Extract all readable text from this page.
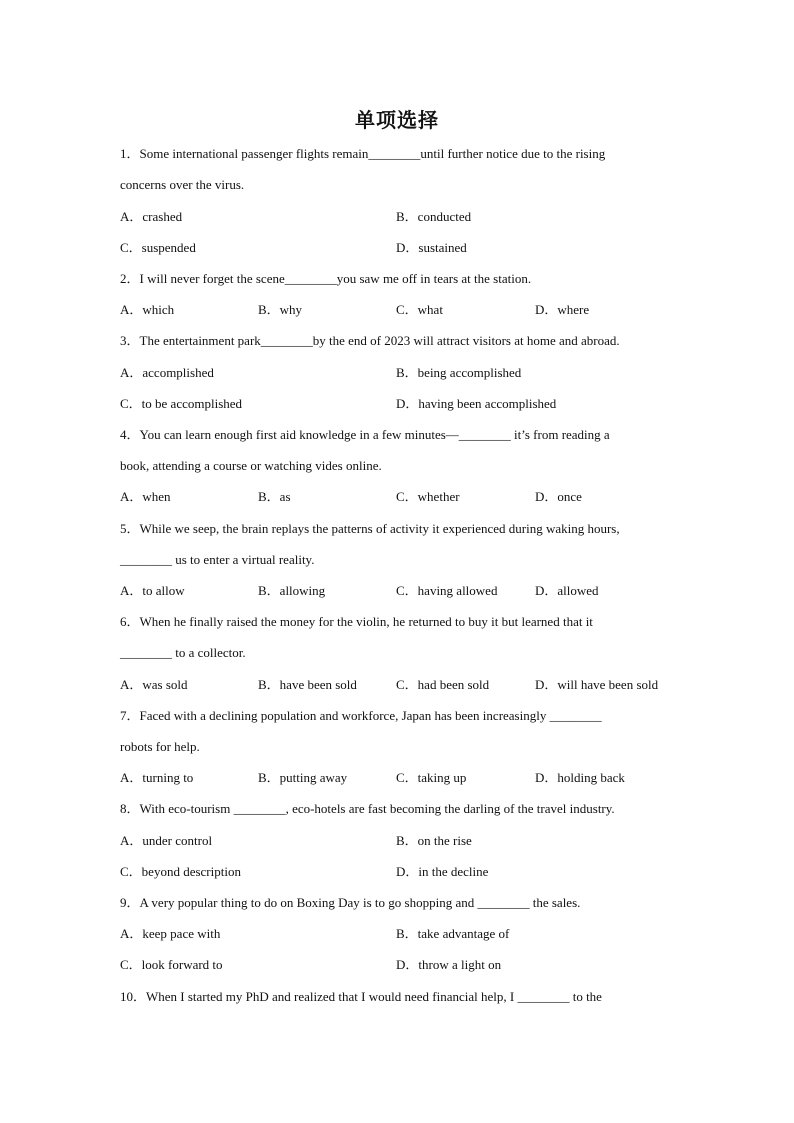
单项选择
1．Some international passenger flights remain________until further notice due to the rising
concerns over the virus.
A．crashed	B．conducted
C．suspended	D．sustained
2．I will never forget the scene________you saw me off in tears at the station.
A．which	B．why	C．what	D．where
3．The entertainment park________by the end of 2023 will attract visitors at home and abroad.
A．accomplished	B．being accomplished
C．to be accomplished	D．having been accomplished
4．You can learn enough first aid knowledge in a few minutes—________ it’s from reading a
book, attending a course or watching vides online.
A．when	B．as	C．whether	D．once
5．While we seep, the brain replays the patterns of activity it experienced during waking hours,
________ us to enter a virtual reality.
A．to allow	B．allowing	C．having allowed	D．allowed
6．When he finally raised the money for the violin, he returned to buy it but learned that it
________ to a collector.
A．was sold	B．have been sold	C．had been sold	D．will have been sold
7．Faced with a declining population and workforce, Japan has been increasingly ________
robots for help.
A．turning to	B．putting away	C．taking up	D．holding back
8．With eco-tourism ________, eco-hotels are fast becoming the darling of the travel industry.
A．under control	B．on the rise
C．beyond description	D．in the decline
9．A very popular thing to do on Boxing Day is to go shopping and ________ the sales.
A．keep pace with	B．take advantage of
C．look forward to	D．throw a light on
10．When I started my PhD and realized that I would need financial help, I ________ to the
